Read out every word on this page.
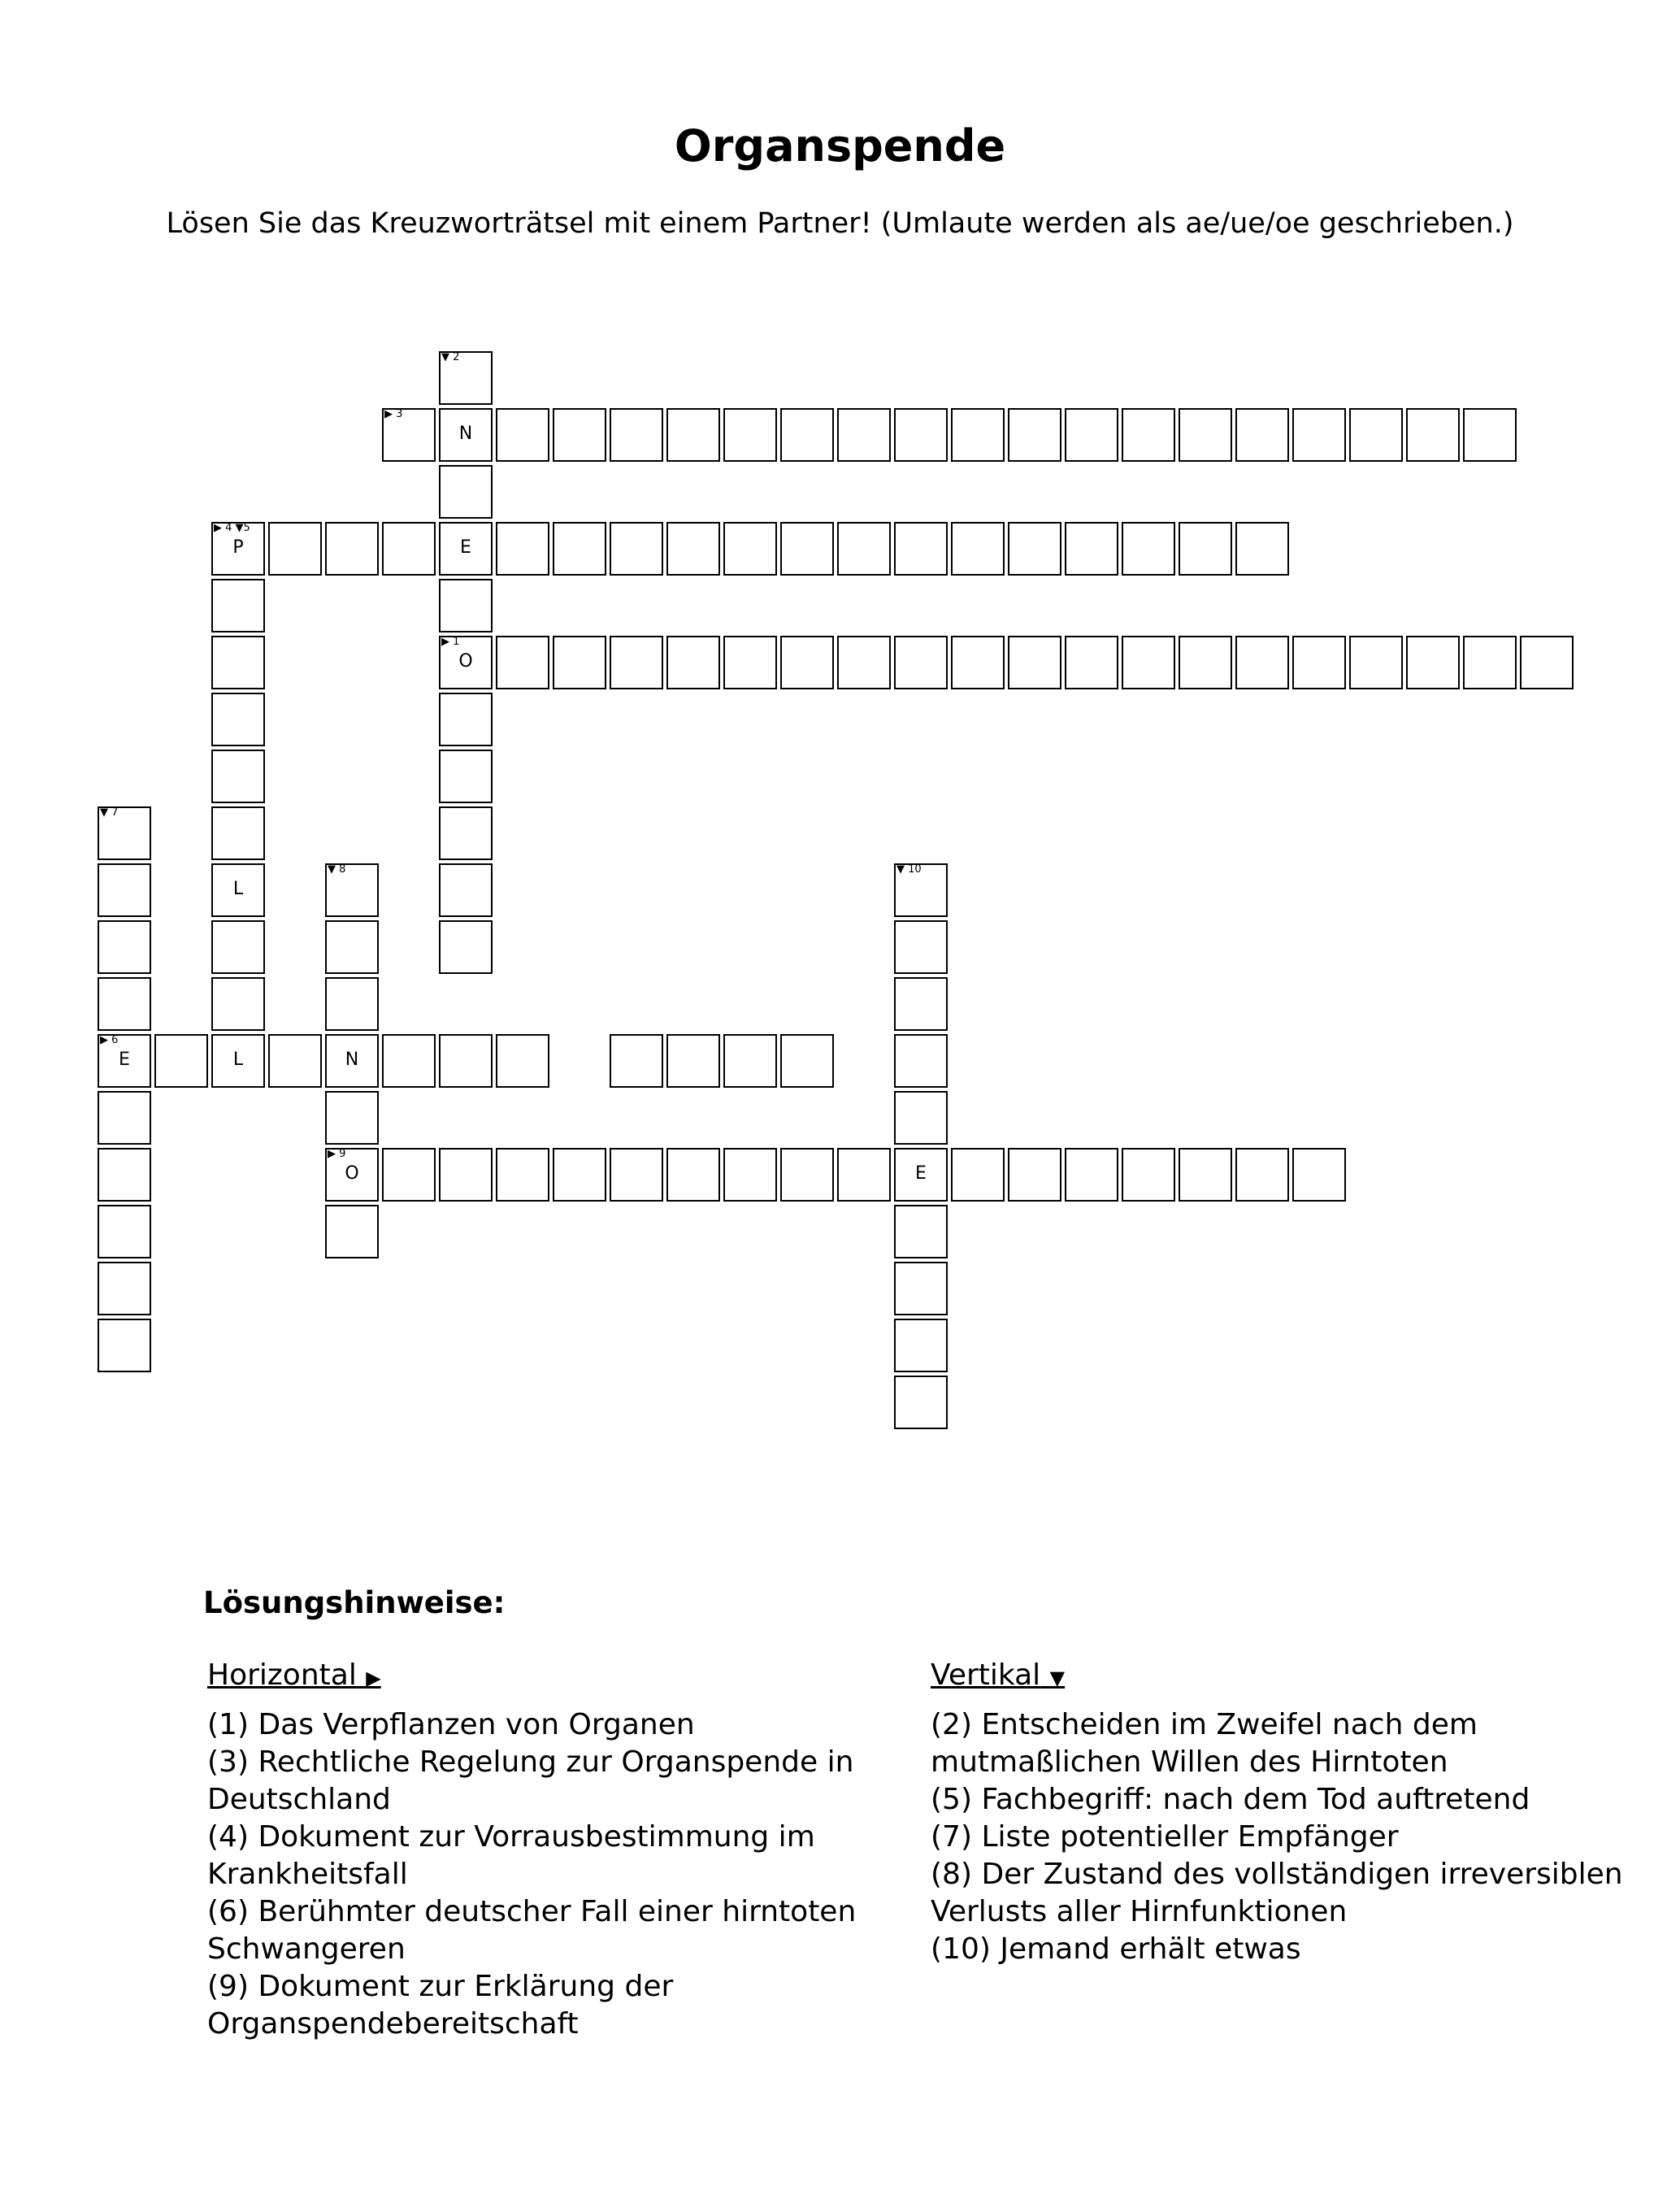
Organspende

Lösen Sie das Kreuzworträtsel mit einem Partner! (Umlaute werden als ae/ue/oe geschrieben.)

▼ 2
N
E
▶ 1
O
▶ 3
▶ 4 ▼5
P
L
▼ 7
▶ 6
E
▼ 8
N
▶ 9
O
▼ 10
E
L
Lösungshinweise:
Horizontal ▶

(1) Das Verpflanzen von Organen

(3) Rechtliche Regelung zur Organspende in Deutschland

(4) Dokument zur Vorrausbestimmung im Krankheitsfall

(6) Berühmter deutscher Fall einer hirntoten Schwangeren

(9) Dokument zur Erklärung der Organspendebereitschaft

Vertikal ▼

(2) Entscheiden im Zweifel nach dem mutmaßlichen Willen des Hirntoten

(5) Fachbegriff: nach dem Tod auftretend

(7) Liste potentieller Empfänger

(8) Der Zustand des vollständigen irreversiblen Verlusts aller Hirnfunktionen

(10) Jemand erhält etwas
